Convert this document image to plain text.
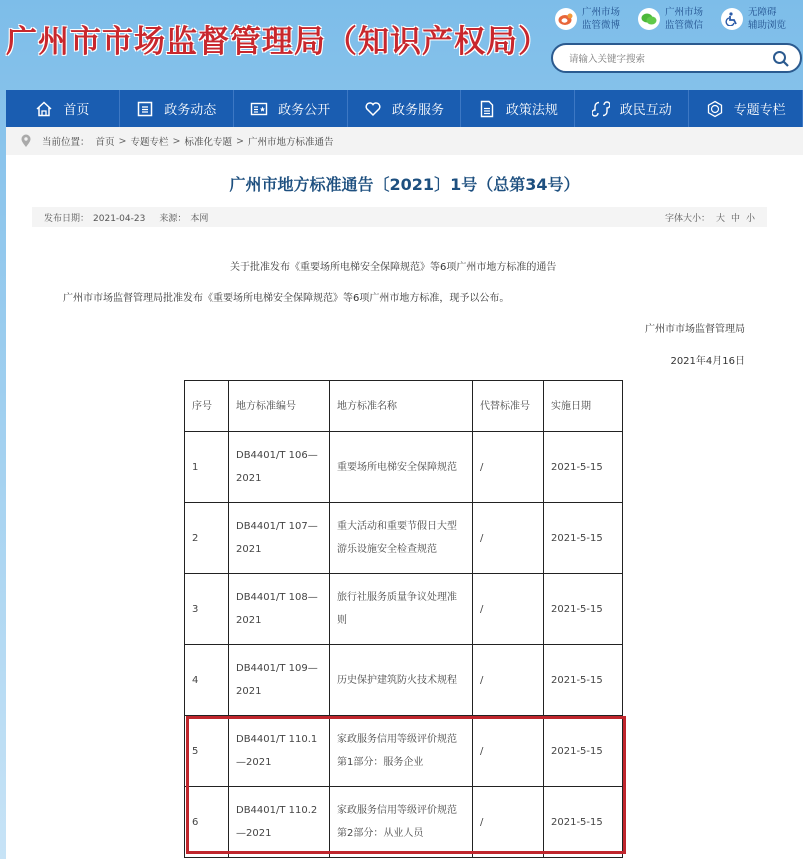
广州市市场监督管理局（知识产权局）
广州市场
监管微博
广州市场
监管微信
无障碍
辅助浏览
请输入关键字搜索
首页	政务动态	政务公开	政务服务	政策法规	政民互动	专题专栏
当前位置： 首页 > 专题专栏 > 标准化专题 > 广州市地方标准通告
广州市地方标准通告〔2021〕1号（总第34号）
发布日期： 2021-04-23 来源： 本网	字体大小： 大 中 小
关于批准发布《重要场所电梯安全保障规范》等6项广州市地方标准的通告
广州市市场监督管理局批准发布《重要场所电梯安全保障规范》等6项广州市地方标准，现予以公布。
广州市市场监督管理局
2021年4月16日
序号	地方标准编号	地方标准名称	代替标准号	实施日期
1	DB4401/T 106—2021	重要场所电梯安全保障规范	/	2021-5-15
2	DB4401/T 107—2021	重大活动和重要节假日大型游乐设施安全检查规范	/	2021-5-15
3	DB4401/T 108—2021	旅行社服务质量争议处理准则	/	2021-5-15
4	DB4401/T 109—2021	历史保护建筑防火技术规程	/	2021-5-15
5	DB4401/T 110.1—2021	家政服务信用等级评价规范 第1部分：服务企业	/	2021-5-15
6	DB4401/T 110.2—2021	家政服务信用等级评价规范 第2部分：从业人员	/	2021-5-15
